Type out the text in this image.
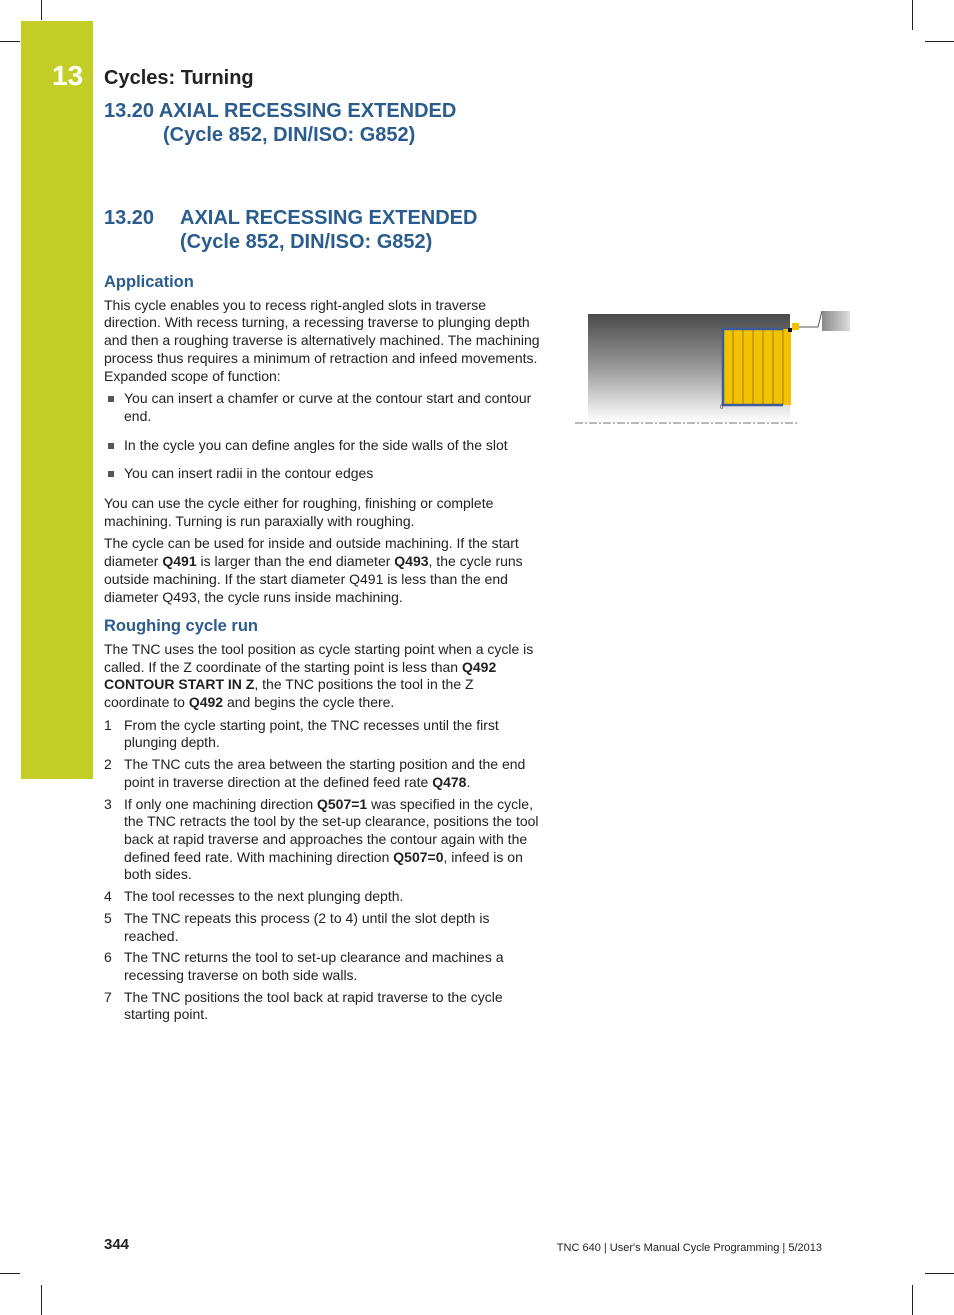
13 Cycles: Turning
13.20 AXIAL RECESSING EXTENDED
(Cycle 852, DIN/ISO: G852)
13.20 AXIAL RECESSING EXTENDED
(Cycle 852, DIN/ISO: G852)
Application

This cycle enables you to recess right-angled slots in traverse direction. With recess turning, a recessing traverse to plunging depth and then a roughing traverse is alternatively machined. The machining process thus requires a minimum of retraction and infeed movements. Expanded scope of function:

You can insert a chamfer or curve at the contour start and contour end.
In the cycle you can define angles for the side walls of the slot
You can insert radii in the contour edges

You can use the cycle either for roughing, finishing or complete machining. Turning is run paraxially with roughing.

The cycle can be used for inside and outside machining. If the start diameter Q491 is larger than the end diameter Q493, the cycle runs outside machining. If the start diameter Q491 is less than the end diameter Q493, the cycle runs inside machining.

Roughing cycle run

The TNC uses the tool position as cycle starting point when a cycle is called. If the Z coordinate of the starting point is less than Q492 CONTOUR START IN Z, the TNC positions the tool in the Z coordinate to Q492 and begins the cycle there.

1 From the cycle starting point, the TNC recesses until the first plunging depth.
2 The TNC cuts the area between the starting position and the end point in traverse direction at the defined feed rate Q478.
3 If only one machining direction Q507=1 was specified in the cycle, the TNC retracts the tool by the set-up clearance, positions the tool back at rapid traverse and approaches the contour again with the defined feed rate. With machining direction Q507=0, infeed is on both sides.
4 The tool recesses to the next plunging depth.
5 The TNC repeats this process (2 to 4) until the slot depth is reached.
6 The TNC returns the tool to set-up clearance and machines a recessing traverse on both side walls.
7 The TNC positions the tool back at rapid traverse to the cycle starting point.
0
344	TNC 640 | User's Manual Cycle Programming | 5/2013
